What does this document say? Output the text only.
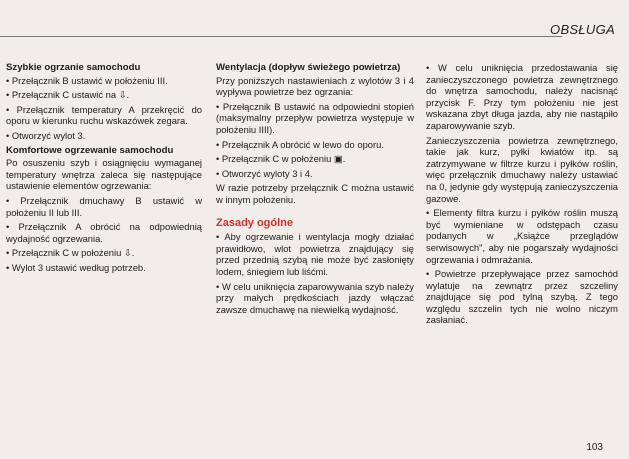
OBSŁUGA
Szybkie ogrzanie samochodu

• Przełącznik B ustawić w położeniu III.

• Przełącznik C ustawić na ⇩.

• Przełącznik temperatury A przekręcić do oporu w kierunku ruchu wskazówek zegara.

• Otworzyć wylot 3.

Komfortowe ogrzewanie samochodu

Po osuszeniu szyb i osiągnięciu wymaganej temperatury wnętrza zaleca się następujące ustawienie elementów ogrzewania:

• Przełącznik dmuchawy B ustawić w położeniu II lub III.

• Przełącznik A obrócić na odpowiednią wydajność ogrzewania.

• Przełącznik C w położeniu ⇩.

• Wylot 3 ustawić według potrzeb.

Wentylacja (dopływ świeżego powietrza)

Przy poniższych nastawieniach z wylotów 3 i 4 wypływa powietrze bez ogrzania:

• Przełącznik B ustawić na odpowiedni stopień (maksymalny przepływ powietrza występuje w położeniu IIII).

• Przełącznik A obrócić w lewo do oporu.

• Przełącznik C w położeniu ▣.

• Otworzyć wyloty 3 i 4.

W razie potrzeby przełącznik C można ustawić w innym położeniu.

Zasady ogólne

• Aby ogrzewanie i wentylacja mogły działać prawidłowo, wlot powietrza znajdujący się przed przednią szybą nie może być zasłonięty lodem, śniegiem lub liśćmi.

• W celu uniknięcia zaparowywania szyb należy przy małych prędkościach jazdy włączać zawsze dmuchawę na niewielką wydajność.

• W celu uniknięcia przedostawania się zanieczyszczonego powietrza zewnętrznego do wnętrza samochodu, należy nacisnąć przycisk F. Przy tym położeniu nie jest wskazana zbyt długa jazda, aby nie nastąpiło zaparowywanie szyb.

Zanieczyszczenia powietrza zewnętrznego, takie jak kurz, pyłki kwiatów itp. są zatrzymywane w filtrze kurzu i pyłków roślin, więc przełącznik dmuchawy należy ustawiać na 0, jedynie gdy występują zanieczyszczenia gazowe.

• Elementy filtra kurzu i pyłków roślin muszą być wymieniane w odstępach czasu podanych w „Książce przeglądów serwisowych", aby nie pogarszały wydajności ogrzewania i odmrażania.

• Powietrze przepływające przez samochód wylatuje na zewnątrz przez szczeliny znajdujące się pod tylną szybą. Z tego względu szczelin tych nie wolno niczym zasłaniać.

103
